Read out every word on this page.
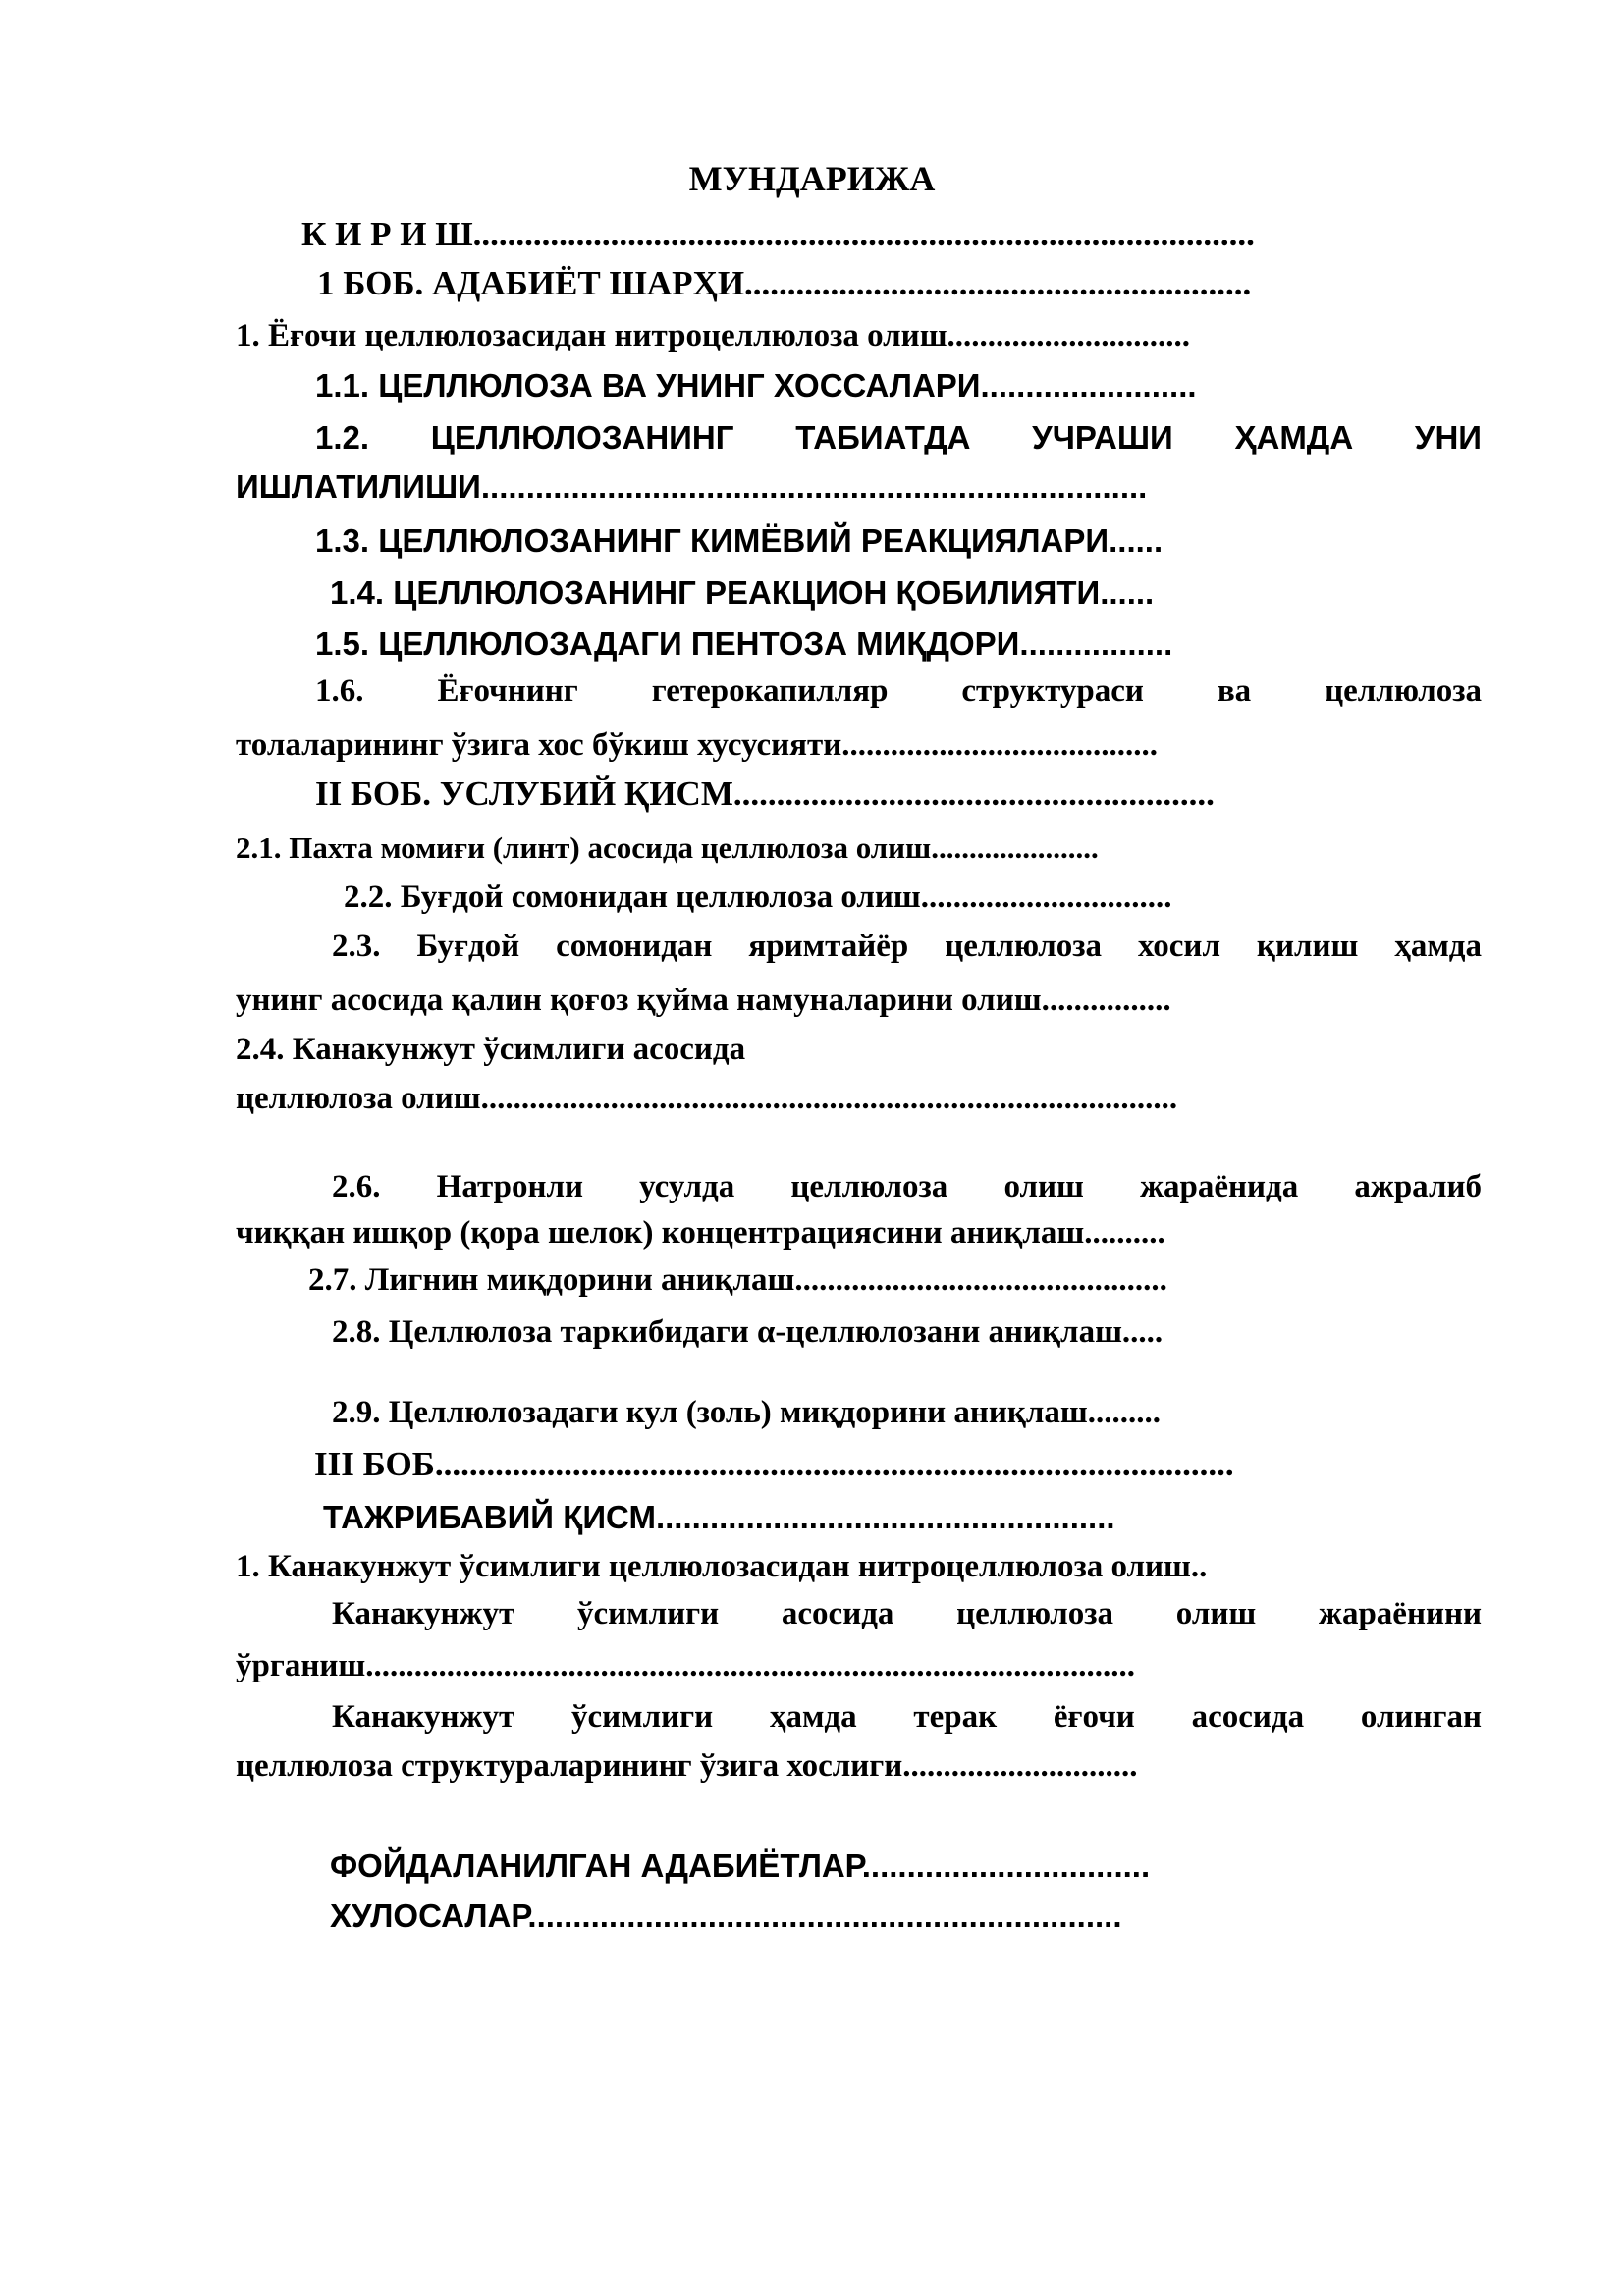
МУНДАРИЖА
К И Р И Ш...........................................................................................
1 БОБ. АДАБИЁТ ШАРҲИ...........................................................
1. Ёғочи целлюлозасидан нитроцеллюлоза олиш..............................
1.1. ЦЕЛЛЮЛОЗА ВА УНИНГ ХОССАЛАРИ........................
1.2. ЦЕЛЛЮЛОЗАНИНГ ТАБИАТДА УЧРАШИ ҲАМДА УНИ
ИШЛАТИЛИШИ..........................................................................
1.3. ЦЕЛЛЮЛОЗАНИНГ КИМЁВИЙ РЕАКЦИЯЛАРИ......
1.4. ЦЕЛЛЮЛОЗАНИНГ РЕАКЦИОН ҚОБИЛИЯТИ......
1.5. ЦЕЛЛЮЛОЗАДАГИ ПЕНТОЗА МИҚДОРИ.................
1.6. Ёғочнинг гетерокапилляр структураси ва целлюлоза
толаларининг ўзига хос бўкиш хусусияти.......................................
II БОБ. УСЛУБИЙ ҚИСМ........................................................
2.1. Пахта момиғи (линт) асосида целлюлоза олиш......................
2.2. Буғдой сомонидан целлюлоза олиш...............................
2.3. Буғдой сомонидан яримтайёр целлюлоза хосил қилиш ҳамда
унинг асосида қалин қоғоз қуйма намуналарини олиш................
2.4. Канакунжут ўсимлиги асосида
целлюлоза олиш......................................................................................
2.6. Натронли усулда целлюлоза олиш жараёнида ажралиб
чиққан ишқор (қора шелок) концентрациясини аниқлаш..........
2.7. Лигнин миқдорини аниқлаш..............................................
2.8. Целлюлоза таркибидаги α-целлюлозани аниқлаш.....
2.9. Целлюлозадаги кул (золь) миқдорини аниқлаш.........
III БОБ.............................................................................................
ТАЖРИБАВИЙ ҚИСМ...................................................
1. Канакунжут ўсимлиги целлюлозасидан нитроцеллюлоза олиш..
Канакунжут ўсимлиги асосида целлюлоза олиш жараёнини
ўрганиш...............................................................................................
Канакунжут ўсимлиги ҳамда терак ёғочи асосида олинган
целлюлоза структураларининг ўзига хослиги.............................
ФОЙДАЛАНИЛГАН АДАБИЁТЛАР................................
ХУЛОСАЛАР..................................................................
